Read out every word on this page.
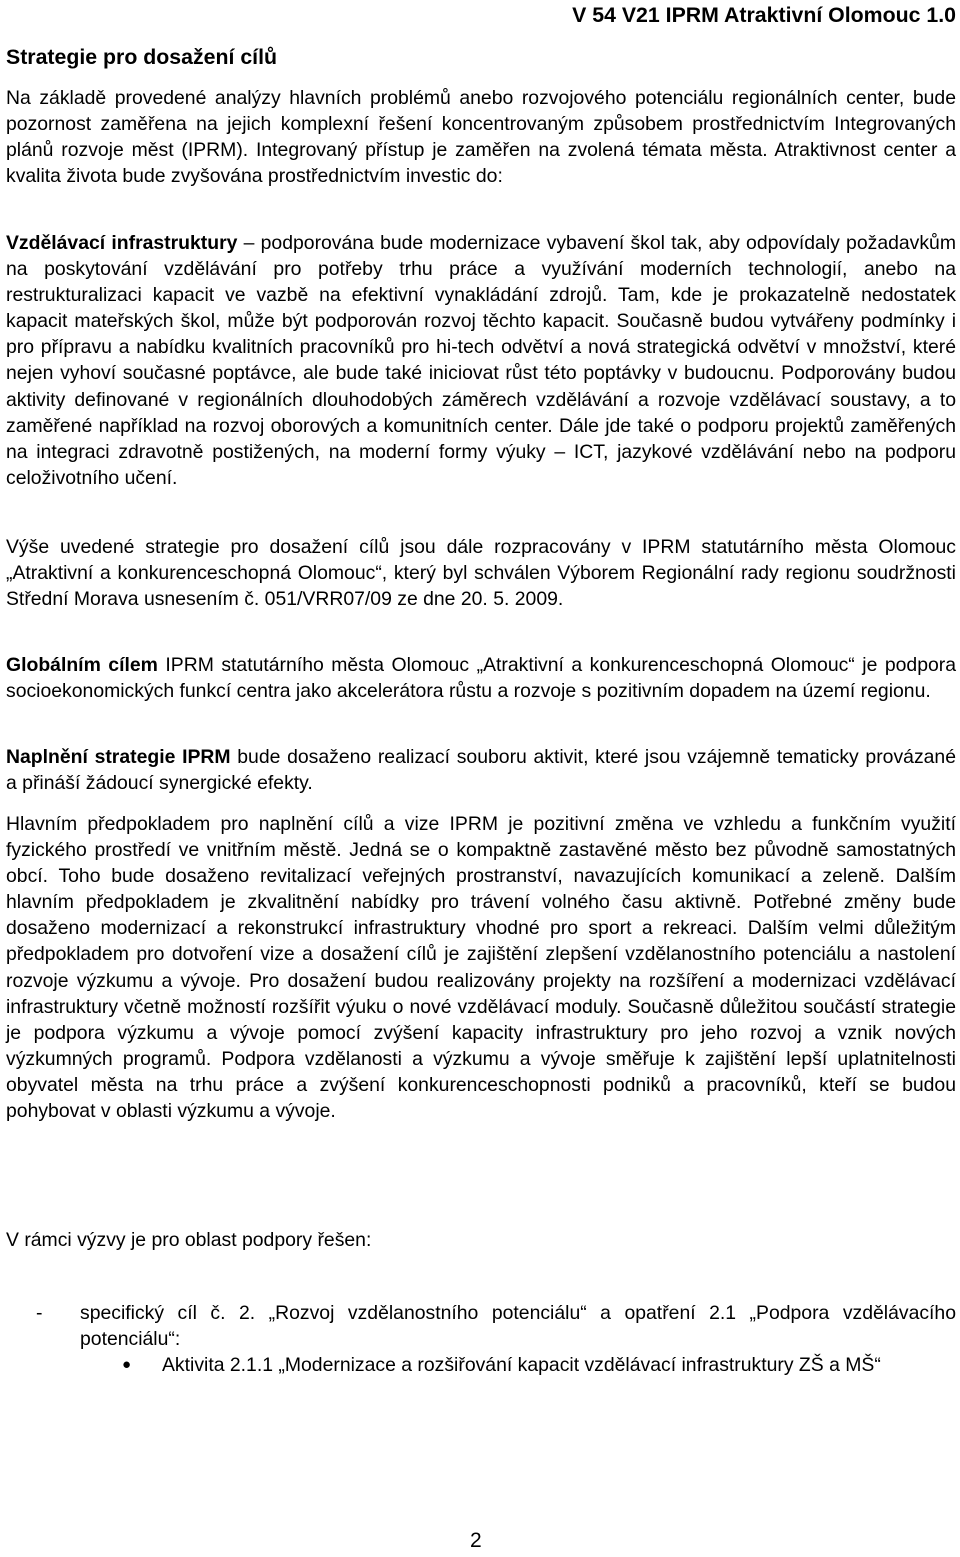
V 54 V21 IPRM Atraktivní Olomouc 1.0
Strategie pro dosažení cílů

Na základě provedené analýzy hlavních problémů anebo rozvojového potenciálu regionálních center, bude pozornost zaměřena na jejich komplexní řešení koncentrovaným způsobem prostřednictvím Integrovaných plánů rozvoje měst (IPRM). Integrovaný přístup je zaměřen na zvolená témata města. Atraktivnost center a kvalita života bude zvyšována prostřednictvím investic do:

Vzdělávací infrastruktury – podporována bude modernizace vybavení škol tak, aby odpovídaly požadavkům na poskytování vzdělávání pro potřeby trhu práce a využívání moderních technologií, anebo na restrukturalizaci kapacit ve vazbě na efektivní vynakládání zdrojů. Tam, kde je prokazatelně nedostatek kapacit mateřských škol, může být podporován rozvoj těchto kapacit. Současně budou vytvářeny podmínky i pro přípravu a nabídku kvalitních pracovníků pro hi-tech odvětví a nová strategická odvětví v množství, které nejen vyhoví současné poptávce, ale bude také iniciovat růst této poptávky v budoucnu. Podporovány budou aktivity definované v regionálních dlouhodobých záměrech vzdělávání a rozvoje vzdělávací soustavy, a to zaměřené například na rozvoj oborových a komunitních center. Dále jde také o podporu projektů zaměřených na integraci zdravotně postižených, na moderní formy výuky – ICT, jazykové vzdělávání nebo na podporu celoživotního učení.

Výše uvedené strategie pro dosažení cílů jsou dále rozpracovány v IPRM statutárního města Olomouc „Atraktivní a konkurenceschopná Olomouc“, který byl schválen Výborem Regionální rady regionu soudržnosti Střední Morava usnesením č. 051/VRR07/09 ze dne 20. 5. 2009.

Globálním cílem IPRM statutárního města Olomouc „Atraktivní a konkurenceschopná Olomouc“ je podpora socioekonomických funkcí centra jako akcelerátora růstu a rozvoje s pozitivním dopadem na území regionu.

Naplnění strategie IPRM bude dosaženo realizací souboru aktivit, které jsou vzájemně tematicky provázané a přináší žádoucí synergické efekty.

Hlavním předpokladem pro naplnění cílů a vize IPRM je pozitivní změna ve vzhledu a funkčním využití fyzického prostředí ve vnitřním městě. Jedná se o kompaktně zastavěné město bez původně samostatných obcí. Toho bude dosaženo revitalizací veřejných prostranství, navazujících komunikací a zeleně. Dalším hlavním předpokladem je zkvalitnění nabídky pro trávení volného času aktivně. Potřebné změny bude dosaženo modernizací a rekonstrukcí infrastruktury vhodné pro sport a rekreaci. Dalším velmi důležitým předpokladem pro dotvoření vize a dosažení cílů je zajištění zlepšení vzdělanostního potenciálu a nastolení rozvoje výzkumu a vývoje. Pro dosažení budou realizovány projekty na rozšíření a modernizaci vzdělávací infrastruktury včetně možností rozšířit výuku o nové vzdělávací moduly. Současně důležitou součástí strategie je podpora výzkumu a vývoje pomocí zvýšení kapacity infrastruktury pro jeho rozvoj a vznik nových výzkumných programů. Podpora vzdělanosti a výzkumu a vývoje směřuje k zajištění lepší uplatnitelnosti obyvatel města na trhu práce a zvýšení konkurenceschopnosti podniků a pracovníků, kteří se budou pohybovat v oblasti výzkumu a vývoje.

V rámci výzvy je pro oblast podpory řešen:

- specifický cíl č. 2. „Rozvoj vzdělanostního potenciálu“ a opatření 2.1 „Podpora vzdělávacího potenciálu“:
● Aktivita 2.1.1 „Modernizace a rozšiřování kapacit vzdělávací infrastruktury ZŠ a MŠ“
2
